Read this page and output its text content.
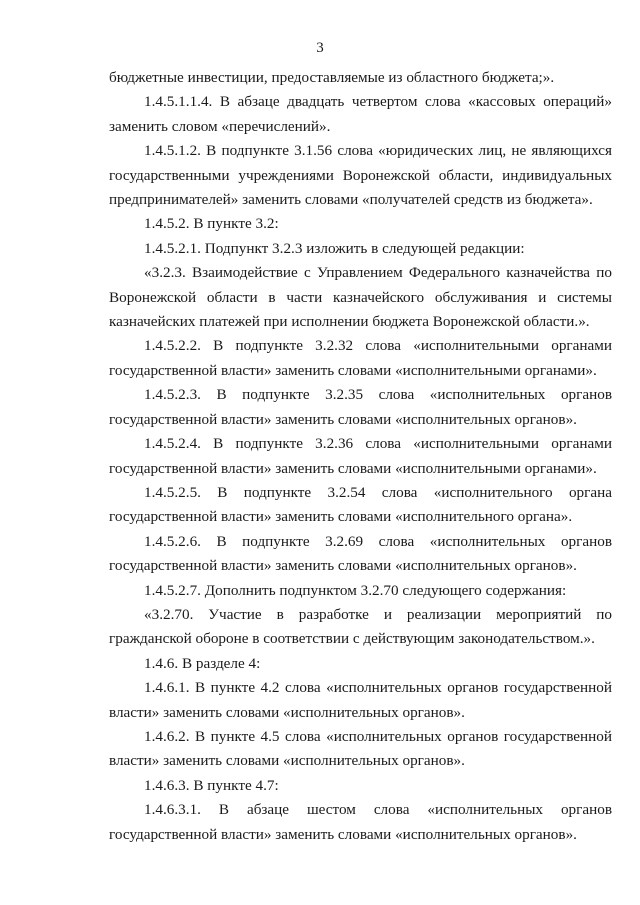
3

бюджетные инвестиции, предоставляемые из областного бюджета;».

1.4.5.1.1.4. В абзаце двадцать четвертом слова «кассовых операций» заменить словом «перечислений».

1.4.5.1.2. В подпункте 3.1.56 слова «юридических лиц, не являющихся государственными учреждениями Воронежской области, индивидуальных предпринимателей» заменить словами «получателей средств из бюджета».

1.4.5.2. В пункте 3.2:

1.4.5.2.1. Подпункт 3.2.3 изложить в следующей редакции:

«3.2.3. Взаимодействие с Управлением Федерального казначейства по Воронежской области в части казначейского обслуживания и системы казначейских платежей при исполнении бюджета Воронежской области.».

1.4.5.2.2. В подпункте 3.2.32 слова «исполнительными органами государственной власти» заменить словами «исполнительными органами».

1.4.5.2.3. В подпункте 3.2.35 слова «исполнительных органов государственной власти» заменить словами «исполнительных органов».

1.4.5.2.4. В подпункте 3.2.36 слова «исполнительными органами государственной власти» заменить словами «исполнительными органами».

1.4.5.2.5. В подпункте 3.2.54 слова «исполнительного органа государственной власти» заменить словами «исполнительного органа».

1.4.5.2.6. В подпункте 3.2.69 слова «исполнительных органов государственной власти» заменить словами «исполнительных органов».

1.4.5.2.7. Дополнить подпунктом 3.2.70 следующего содержания:

«3.2.70. Участие в разработке и реализации мероприятий по гражданской обороне в соответствии с действующим законодательством.».

1.4.6. В разделе 4:

1.4.6.1. В пункте 4.2 слова «исполнительных органов государственной власти» заменить словами «исполнительных органов».

1.4.6.2. В пункте 4.5 слова «исполнительных органов государственной власти» заменить словами «исполнительных органов».

1.4.6.3. В пункте 4.7:

1.4.6.3.1. В абзаце шестом слова «исполнительных органов государственной власти» заменить словами «исполнительных органов».
